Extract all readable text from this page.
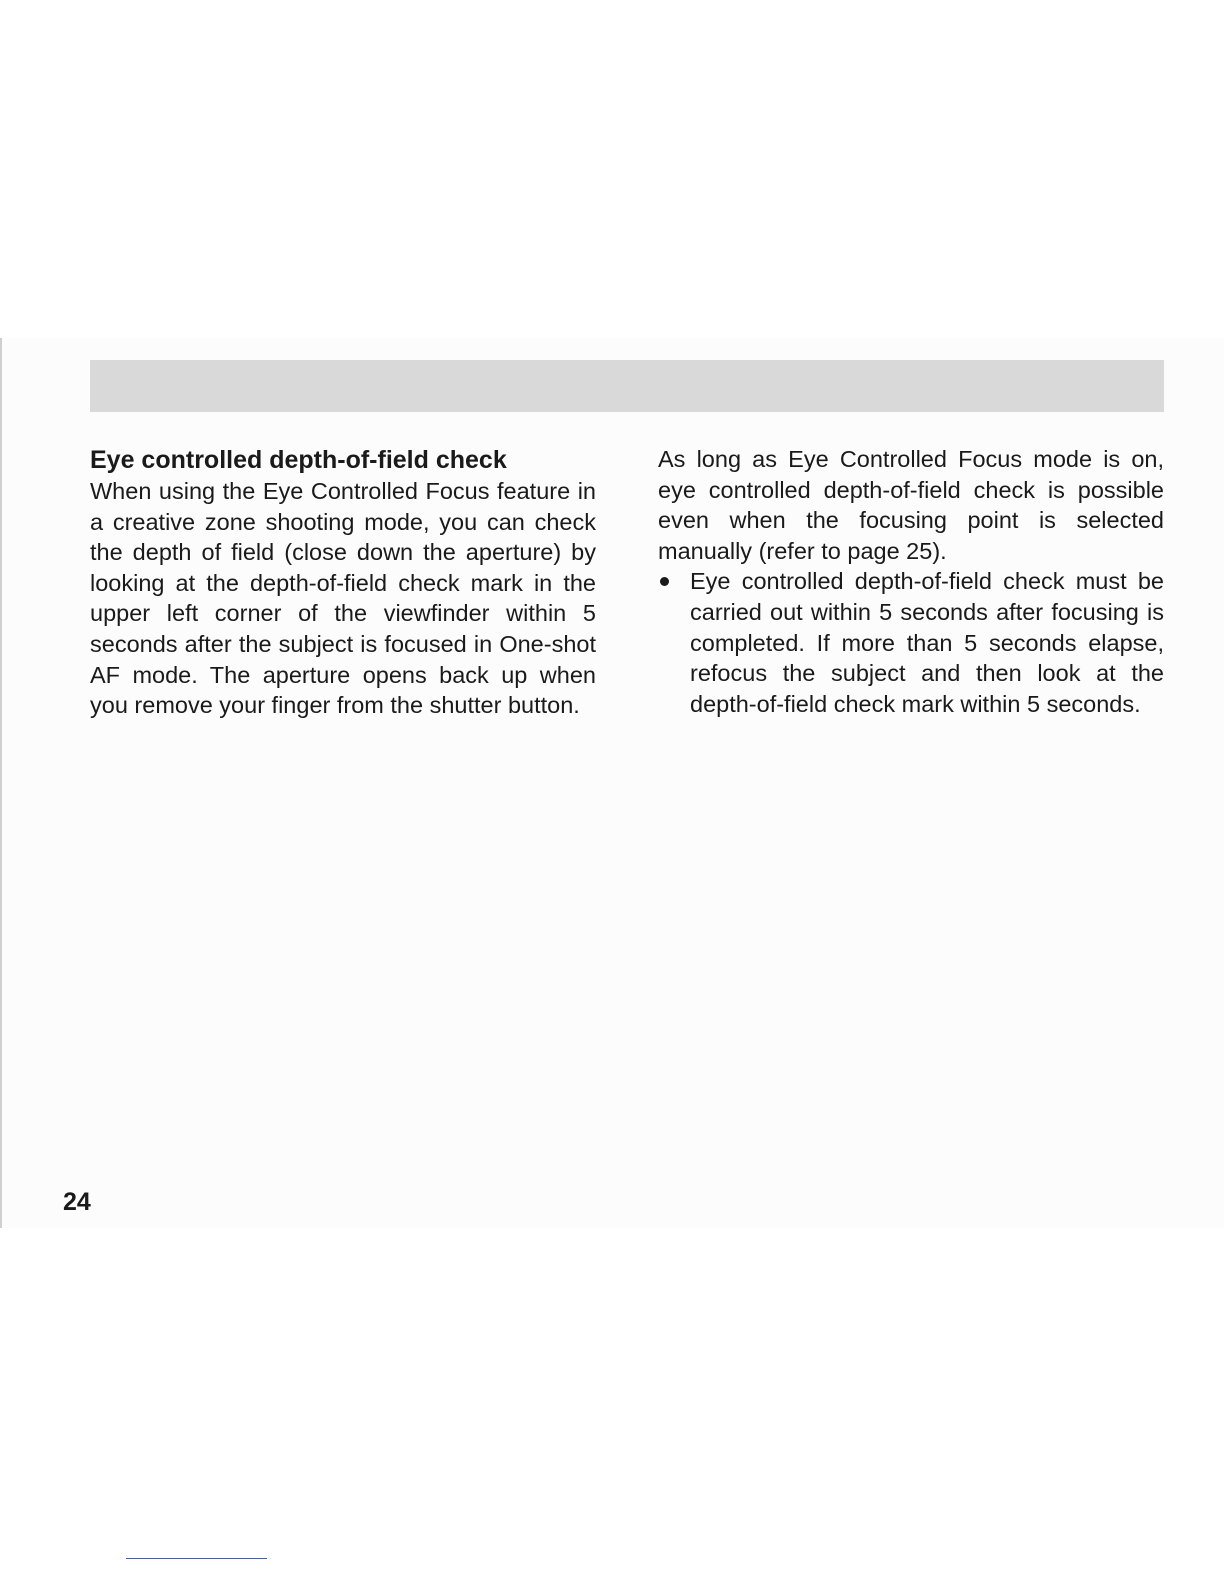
Eye controlled depth-of-field check

When using the Eye Controlled Focus feature in a creative zone shooting mode, you can check the depth of field (close down the aperture) by looking at the depth-of-field check mark in the upper left corner of the viewfinder within 5 seconds after the subject is focused in One-shot AF mode. The aperture opens back up when you remove your finger from the shutter button.

As long as Eye Controlled Focus mode is on, eye controlled depth-of-field check is possible even when the focusing point is selected manually (refer to page 25).

Eye controlled depth-of-field check must be carried out within 5 seconds after focusing is completed. If more than 5 seconds elapse, refocus the subject and then look at the depth-of-field check mark within 5 seconds.
24
